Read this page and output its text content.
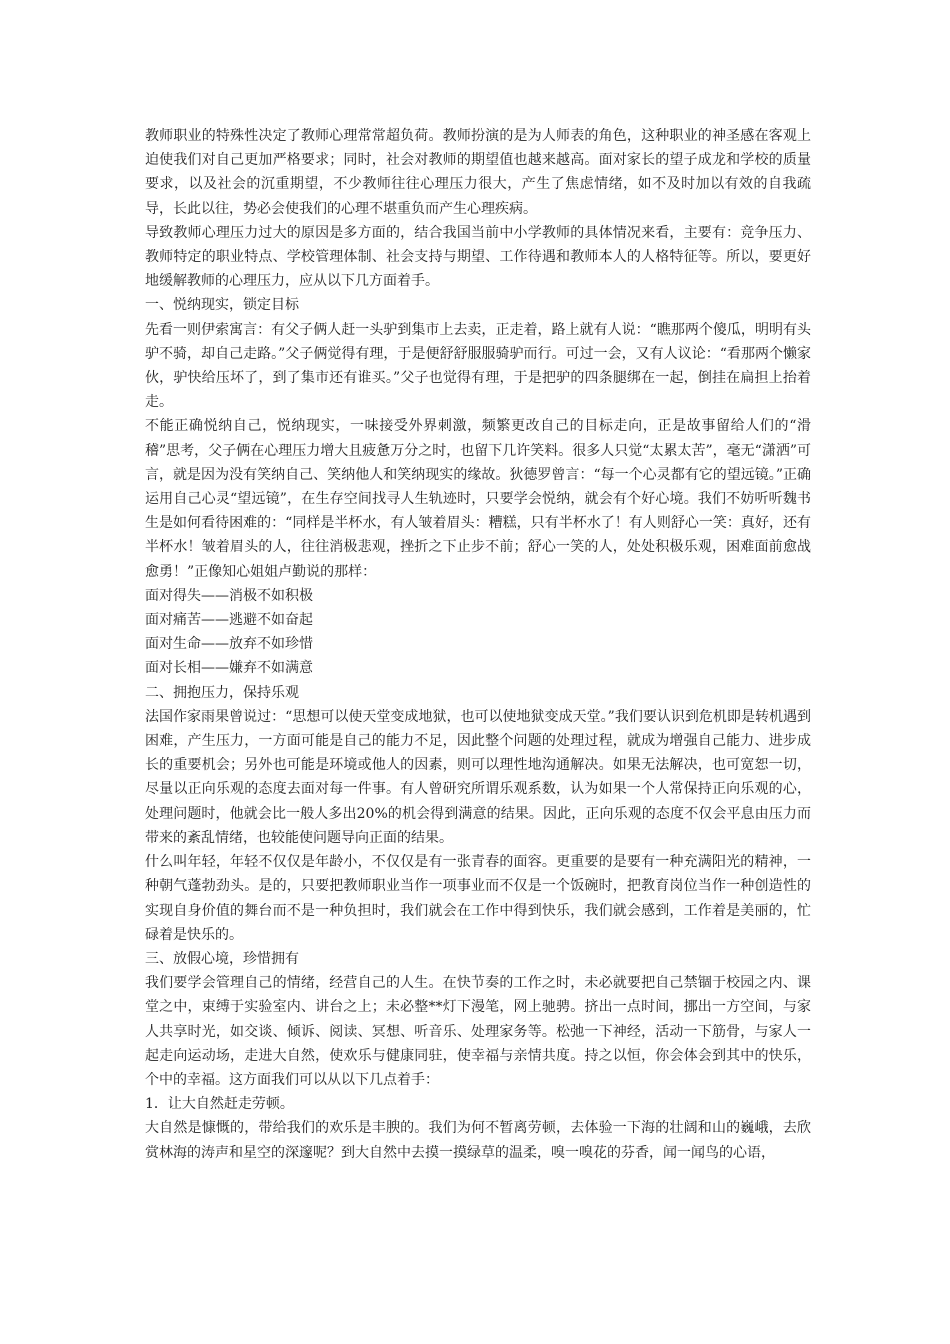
教师职业的特殊性决定了教师心理常常超负荷。教师扮演的是为人师表的角色，这种职业的神圣感在客观上迫使我们对自己更加严格要求；同时，社会对教师的期望值也越来越高。面对家长的望子成龙和学校的质量要求，以及社会的沉重期望，不少教师往往心理压力很大，产生了焦虑情绪，如不及时加以有效的自我疏导，长此以往，势必会使我们的心理不堪重负而产生心理疾病。

导致教师心理压力过大的原因是多方面的，结合我国当前中小学教师的具体情况来看，主要有：竞争压力、教师特定的职业特点、学校管理体制、社会支持与期望、工作待遇和教师本人的人格特征等。所以，要更好地缓解教师的心理压力，应从以下几方面着手。

一、悦纳现实，锁定目标

先看一则伊索寓言：有父子俩人赶一头驴到集市上去卖，正走着，路上就有人说：“瞧那两个傻瓜，明明有头驴不骑，却自己走路。”父子俩觉得有理，于是便舒舒服服骑驴而行。可过一会，又有人议论：“看那两个懒家伙，驴快给压坏了，到了集市还有谁买。”父子也觉得有理，于是把驴的四条腿绑在一起，倒挂在扁担上抬着走。

不能正确悦纳自己，悦纳现实，一味接受外界刺激，频繁更改自己的目标走向，正是故事留给人们的“滑稽”思考，父子俩在心理压力增大且疲惫万分之时，也留下几许笑料。很多人只觉“太累太苦”，毫无“潇洒”可言，就是因为没有笑纳自己、笑纳他人和笑纳现实的缘故。狄德罗曾言：“每一个心灵都有它的望远镜。”正确运用自己心灵“望远镜”，在生存空间找寻人生轨迹时，只要学会悦纳，就会有个好心境。我们不妨听听魏书生是如何看待困难的：“同样是半杯水，有人皱着眉头：糟糕，只有半杯水了！有人则舒心一笑：真好，还有半杯水！皱着眉头的人，往往消极悲观，挫折之下止步不前；舒心一笑的人，处处积极乐观，困难面前愈战愈勇！”正像知心姐姐卢勤说的那样：

面对得失——消极不如积极

面对痛苦——逃避不如奋起

面对生命——放弃不如珍惜

面对长相——嫌弃不如满意

二、拥抱压力，保持乐观

法国作家雨果曾说过：“思想可以使天堂变成地狱，也可以使地狱变成天堂。”我们要认识到危机即是转机遇到困难，产生压力，一方面可能是自己的能力不足，因此整个问题的处理过程，就成为增强自己能力、进步成长的重要机会；另外也可能是环境或他人的因素，则可以理性地沟通解决。如果无法解决，也可宽恕一切，尽量以正向乐观的态度去面对每一件事。有人曾研究所谓乐观系数，认为如果一个人常保持正向乐观的心，处理问题时，他就会比一般人多出20%的机会得到满意的结果。因此，正向乐观的态度不仅会平息由压力而带来的紊乱情绪，也较能使问题导向正面的结果。

什么叫年轻，年轻不仅仅是年龄小，不仅仅是有一张青春的面容。更重要的是要有一种充满阳光的精神，一种朝气蓬勃劲头。是的，只要把教师职业当作一项事业而不仅是一个饭碗时，把教育岗位当作一种创造性的实现自身价值的舞台而不是一种负担时，我们就会在工作中得到快乐，我们就会感到，工作着是美丽的，忙碌着是快乐的。

三、放假心境，珍惜拥有

我们要学会管理自己的情绪，经营自己的人生。在快节奏的工作之时，未必就要把自己禁锢于校园之内、课堂之中，束缚于实验室内、讲台之上；未必整**灯下漫笔，网上驰骋。挤出一点时间，挪出一方空间，与家人共享时光，如交谈、倾诉、阅读、冥想、听音乐、处理家务等。松弛一下神经，活动一下筋骨，与家人一起走向运动场，走进大自然，使欢乐与健康同驻，使幸福与亲情共度。持之以恒，你会体会到其中的快乐，个中的幸福。这方面我们可以从以下几点着手：

1．让大自然赶走劳顿。

大自然是慷慨的，带给我们的欢乐是丰腴的。我们为何不暂离劳顿，去体验一下海的壮阔和山的巍峨，去欣赏林海的涛声和星空的深邃呢？到大自然中去摸一摸绿草的温柔，嗅一嗅花的芬香，闻一闻鸟的心语，
